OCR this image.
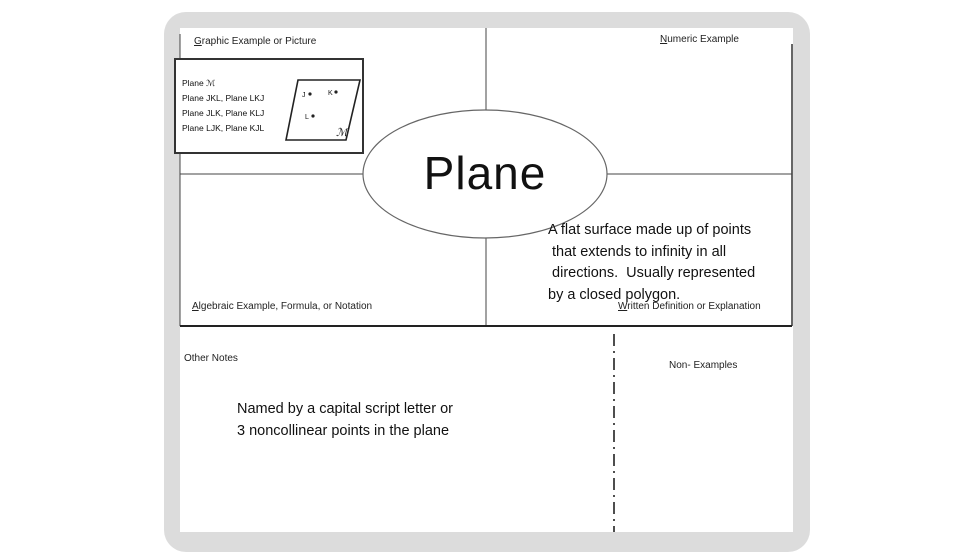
Graphic Example or Picture	Numeric Example
Algebraic Example, Formula, or Notation	Written Definition or Explanation
Other Notes
Non- Examples
Plane ℳ
Plane JKL, Plane LKJ
Plane JLK, Plane KLJ
Plane LJK, Plane KJL
J	K
L
ℳ
Plane
A flat surface made up of points
that extends to infinity in all
directions.  Usually represented
by a closed polygon.
Named by a capital script letter or
3 noncollinear points in the plane
